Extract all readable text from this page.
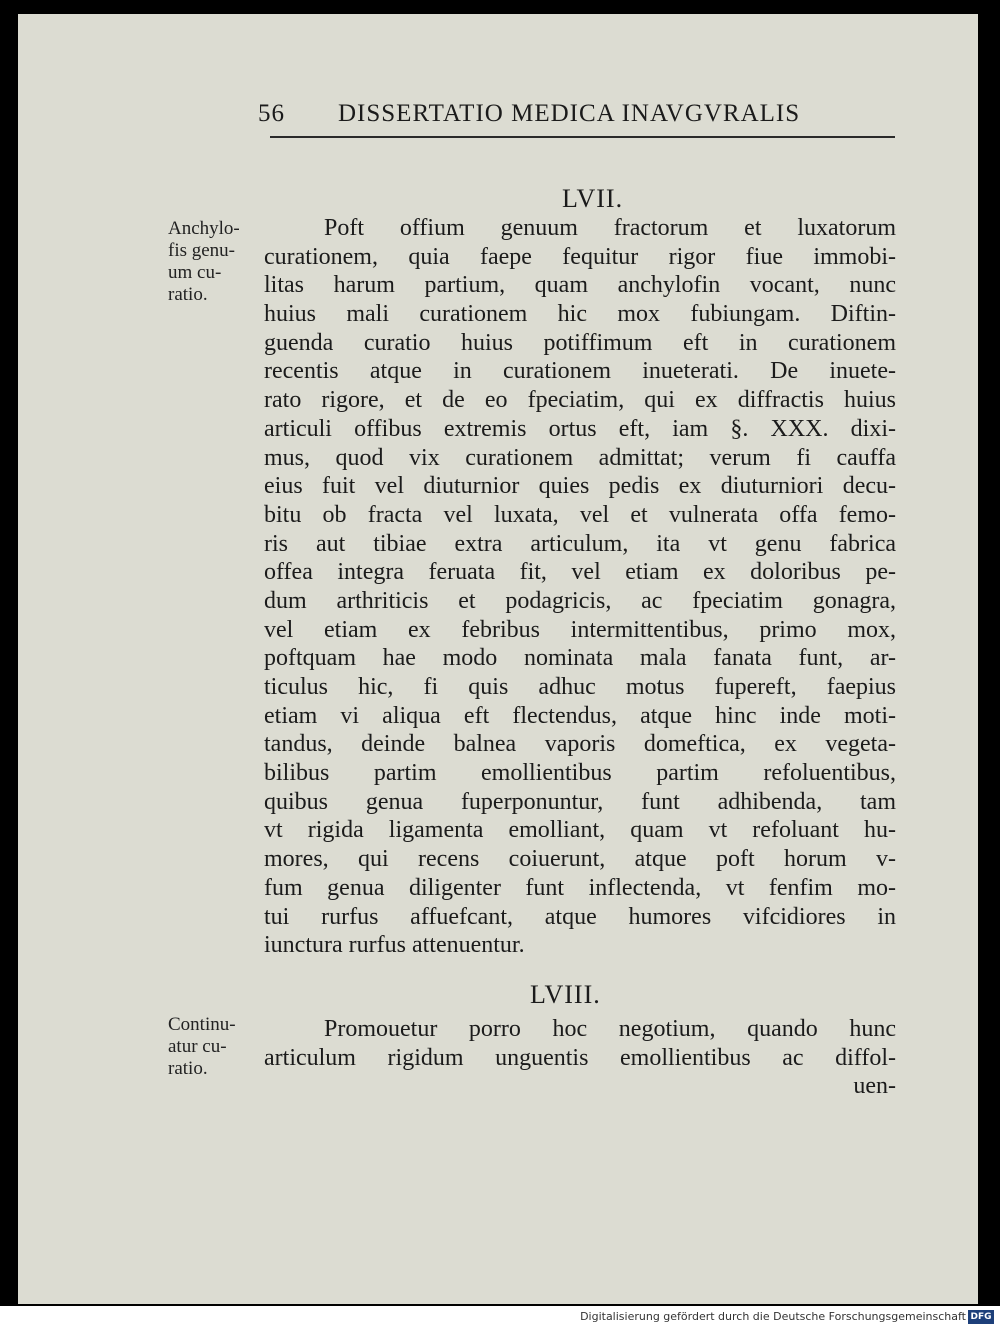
56 DISSERTATIO MEDICA INAVGVRALIS
LVII.
Anchylo-
fis genu-
um cu-
ratio.
Poft offium genuum fractorum et luxatorum
curationem, quia faepe fequitur rigor fiue immobi-
litas harum partium, quam anchylofin vocant, nunc
huius mali curationem hic mox fubiungam. Diftin-
guenda curatio huius potiffimum eft in curationem
recentis atque in curationem inueterati. De inuete-
rato rigore, et de eo fpeciatim, qui ex diffractis huius
articuli offibus extremis ortus eft, iam §. XXX. dixi-
mus, quod vix curationem admittat; verum fi cauffa
eius fuit vel diuturnior quies pedis ex diuturniori decu-
bitu ob fracta vel luxata, vel et vulnerata offa femo-
ris aut tibiae extra articulum, ita vt genu fabrica
offea integra feruata fit, vel etiam ex doloribus pe-
dum arthriticis et podagricis, ac fpeciatim gonagra,
vel etiam ex febribus intermittentibus, primo mox,
poftquam hae modo nominata mala fanata funt, ar-
ticulus hic, fi quis adhuc motus fupereft, faepius
etiam vi aliqua eft flectendus, atque hinc inde moti-
tandus, deinde balnea vaporis domeftica, ex vegeta-
bilibus partim emollientibus partim refoluentibus,
quibus genua fuperponuntur, funt adhibenda, tam
vt rigida ligamenta emolliant, quam vt refoluant hu-
mores, qui recens coiuerunt, atque poft horum v-
fum genua diligenter funt inflectenda, vt fenfim mo-
tui rurfus affuefcant, atque humores vifcidiores in
iunctura rurfus attenuentur.
LVIII.
Continu-
atur cu-
ratio.
Promouetur porro hoc negotium, quando hunc
articulum rigidum unguentis emollientibus ac diffol-
uen-
Digitalisierung gefördert durch die Deutsche Forschungsgemeinschaft DFG
